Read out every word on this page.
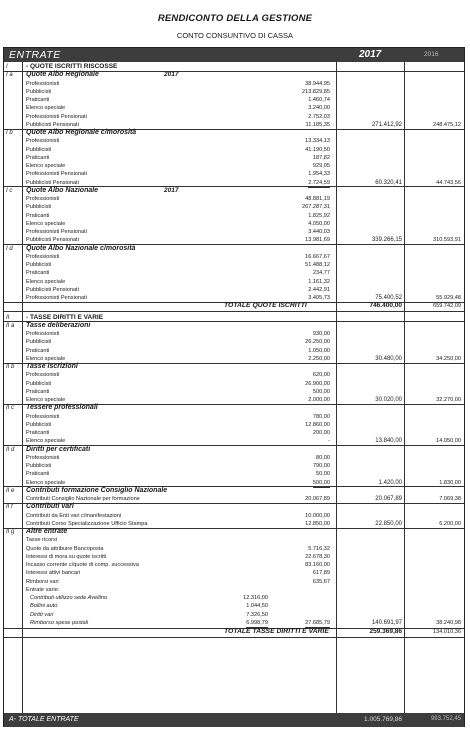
RENDICONTO DELLA GESTIONE
CONTO CONSUNTIVO DI CASSA
ENTRATE	2017	2016
I	- QUOTE ISCRITTI RISCOSSE
I a Quote Albo Regionale	2017
Professionisti	38.944,95
Pubblicisti	213.829,85
Praticanti	1.460,74
Elenco speciale	3.240,00
Professionisti Pensionati	2.752,03
Pubblicisti Pensionati	11.185,35	271.412,92	248.475,12
I b Quote Albo Regionale c/morosità
Professionisti	13.334,13
Pubblicisti	41.190,50
Praticanti	187,82
Elenco speciale	929,05
Professionisti Pensionati	1.954,33
Pubblicisti Pensionati	2.724,59	60.320,41	44.743,56
I c Quote Albo Nazionale	2017
Professionisti	48.881,19
Pubblicisti	267.287,31
Praticanti	1.825,92
Elenco speciale	4.050,00
Professionisti Pensionati	3.440,03
Pubblicisti Pensionati	13.981,69	339.266,15	310.593,91
I d Quote Albo Nazionale c/morosità
Professionisti	16.667,67
Pubblicisti	51.488,12
Praticanti	234,77
Elenco speciale	1.161,32
Pubblicisti Pensionati	2.442,91
Professionisti Pensionati	3.405,73	75.400,52	55.929,48
TOTALE QUOTE ISCRITTI	746.400,00	659.742,09
II	- TASSE DIRITTI E VARIE
II a Tasse deliberazioni
Professionisti	930,00
Pubblicisti	26.250,00
Praticanti	1.050,00
Elenco speciale	2.250,00	30.480,00	34.250,00
II b Tasse iscrizioni
Professionisti	620,00
Pubblicisti	26.900,00
Praticanti	500,00
Elenco speciale	2.000,00	30.020,00	32.270,00
II c Tessere professionali
Professionisti	780,00
Pubblicisti	12.860,00
Praticanti	200,00
Elenco speciale	-	13.840,00	14.050,00
II d Diritti per certificati
Professionisti	80,00
Pubblicisti	790,00
Praticanti	50,00
Elenco speciale	500,00	1.420,00	1.830,00
II e Contributi formazione Consiglio Nazionale
Contributi Consiglio Nazionale per formazione	20.067,89	20.067,89	7.069,38
II f Contributi vari
Contributi da Enti vari c/manifestazioni	10.000,00
Contributi Corso Specializzazione Ufficio Stampa	12.850,00	22.850,00	6.200,00
II g Altre entrate
Tasse ricorsi
Quote da attribuire Bancoposta	5.716,32
Interessi di mora su quote iscritti	22.678,30
Incasso corrente c/quote di comp. successiva	83.160,00
Interessi attivi bancari	617,89
Rimborsi vari	635,67
Entrate varie:
Contributi utilizzo sede Avellino	12.316,00
Bollini auto	1.044,50
Diritti vari	7.326,50
Rimborso spese postali	6.998,79	27.685,79	140.691,97	38.240,98
TOTALE TASSE DIRITTI E VARIE	259.369,86	134.010,36
A- TOTALE ENTRATE	1.005.769,86	993.752,45
